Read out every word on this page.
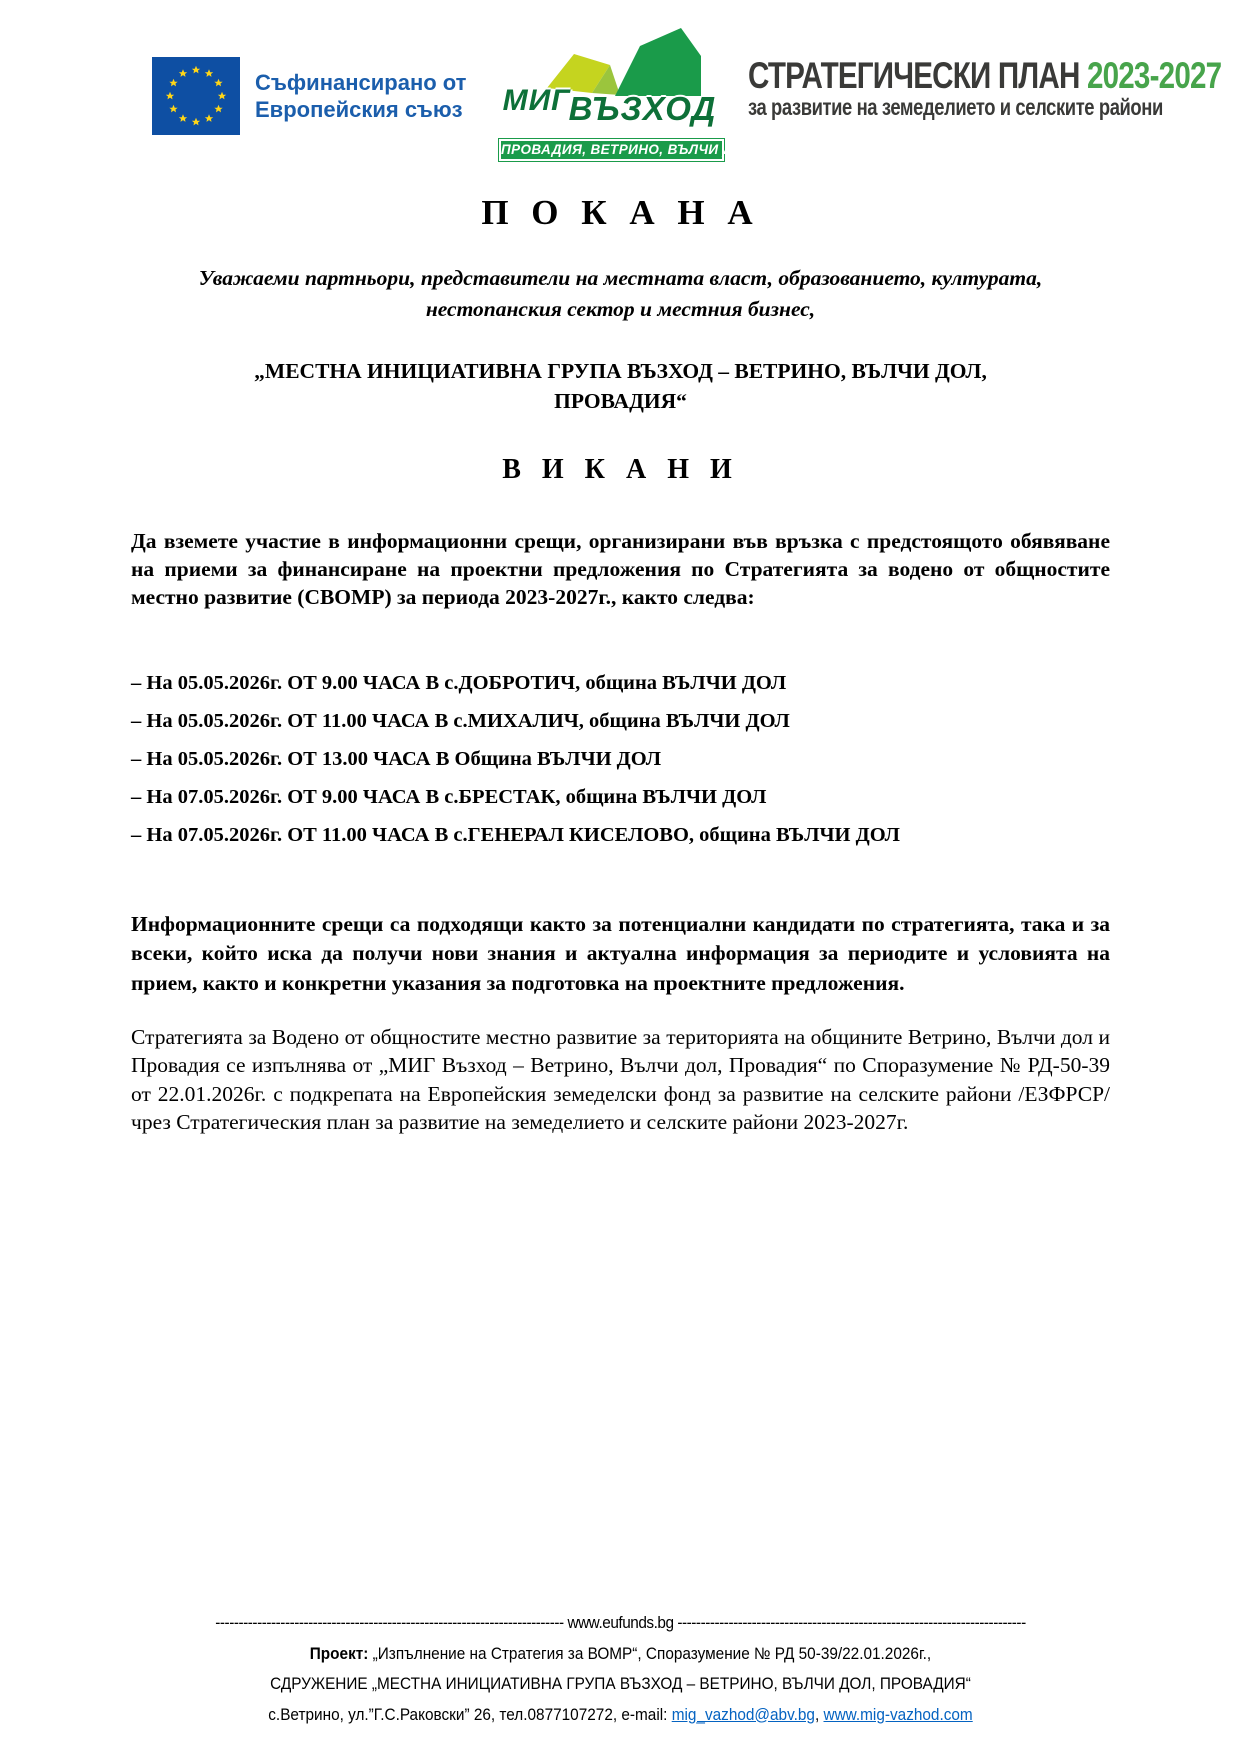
Съфинансирано от
Европейския съюз МИГВЪЗХОД
ПРОВАДИЯ, ВЕТРИНО, ВЪЛЧИ ДОЛ
СТРАТЕГИЧЕСКИ ПЛАН 2023-2027
за развитие на земеделието и селските райони
П О К А Н А

Уважаеми партньори, представители на местната власт, образованието, културата, нестопанския сектор и местния бизнес,

„МЕСТНА ИНИЦИАТИВНА ГРУПА ВЪЗХОД – ВЕТРИНО, ВЪЛЧИ ДОЛ, ПРОВАДИЯ“

В И К А Н И

Да вземете участие в информационни срещи, организирани във връзка с предстоящото обявяване на приеми за финансиране на проектни предложения по Стратегията за водено от общностите местно развитие (СВОМР) за периода 2023-2027г., както следва:

– На 05.05.2026г. ОТ 9.00 ЧАСА В с.ДОБРОТИЧ, община ВЪЛЧИ ДОЛ
– На 05.05.2026г. ОТ 11.00 ЧАСА В с.МИХАЛИЧ, община ВЪЛЧИ ДОЛ
– На 05.05.2026г. ОТ 13.00 ЧАСА В Община ВЪЛЧИ ДОЛ
– На 07.05.2026г. ОТ 9.00 ЧАСА В с.БРЕСТАК, община ВЪЛЧИ ДОЛ
– На 07.05.2026г. ОТ 11.00 ЧАСА В с.ГЕНЕРАЛ КИСЕЛОВО, община ВЪЛЧИ ДОЛ

Информационните срещи са подходящи както за потенциални кандидати по стратегията, така и за всеки, който иска да получи нови знания и актуална информация за периодите и условията на прием, както и конкретни указания за подготовка на проектните предложения.

Стратегията за Водено от общностите местно развитие за територията на общините Ветрино, Вълчи дол и Провадия се изпълнява от „МИГ Възход – Ветрино, Вълчи дол, Провадия“ по Споразумение № РД-50-39 от 22.01.2026г. с подкрепата на Европейския земеделски фонд за развитие на селските райони /ЕЗФРСР/ чрез Стратегическия план за развитие на земеделието и селските райони 2023-2027г.

--------------------------------------------------------------------------- www.eufunds.bg ---------------------------------------------------------------------------
Проект: „Изпълнение на Стратегия за ВОМР“, Споразумение № РД 50-39/22.01.2026г.,
СДРУЖЕНИЕ „МЕСТНА ИНИЦИАТИВНА ГРУПА ВЪЗХОД – ВЕТРИНО, ВЪЛЧИ ДОЛ, ПРОВАДИЯ“
с.Ветрино, ул.”Г.С.Раковски” 26, тел.0877107272, e-mail: mig_vazhod@abv.bg, www.mig-vazhod.com
